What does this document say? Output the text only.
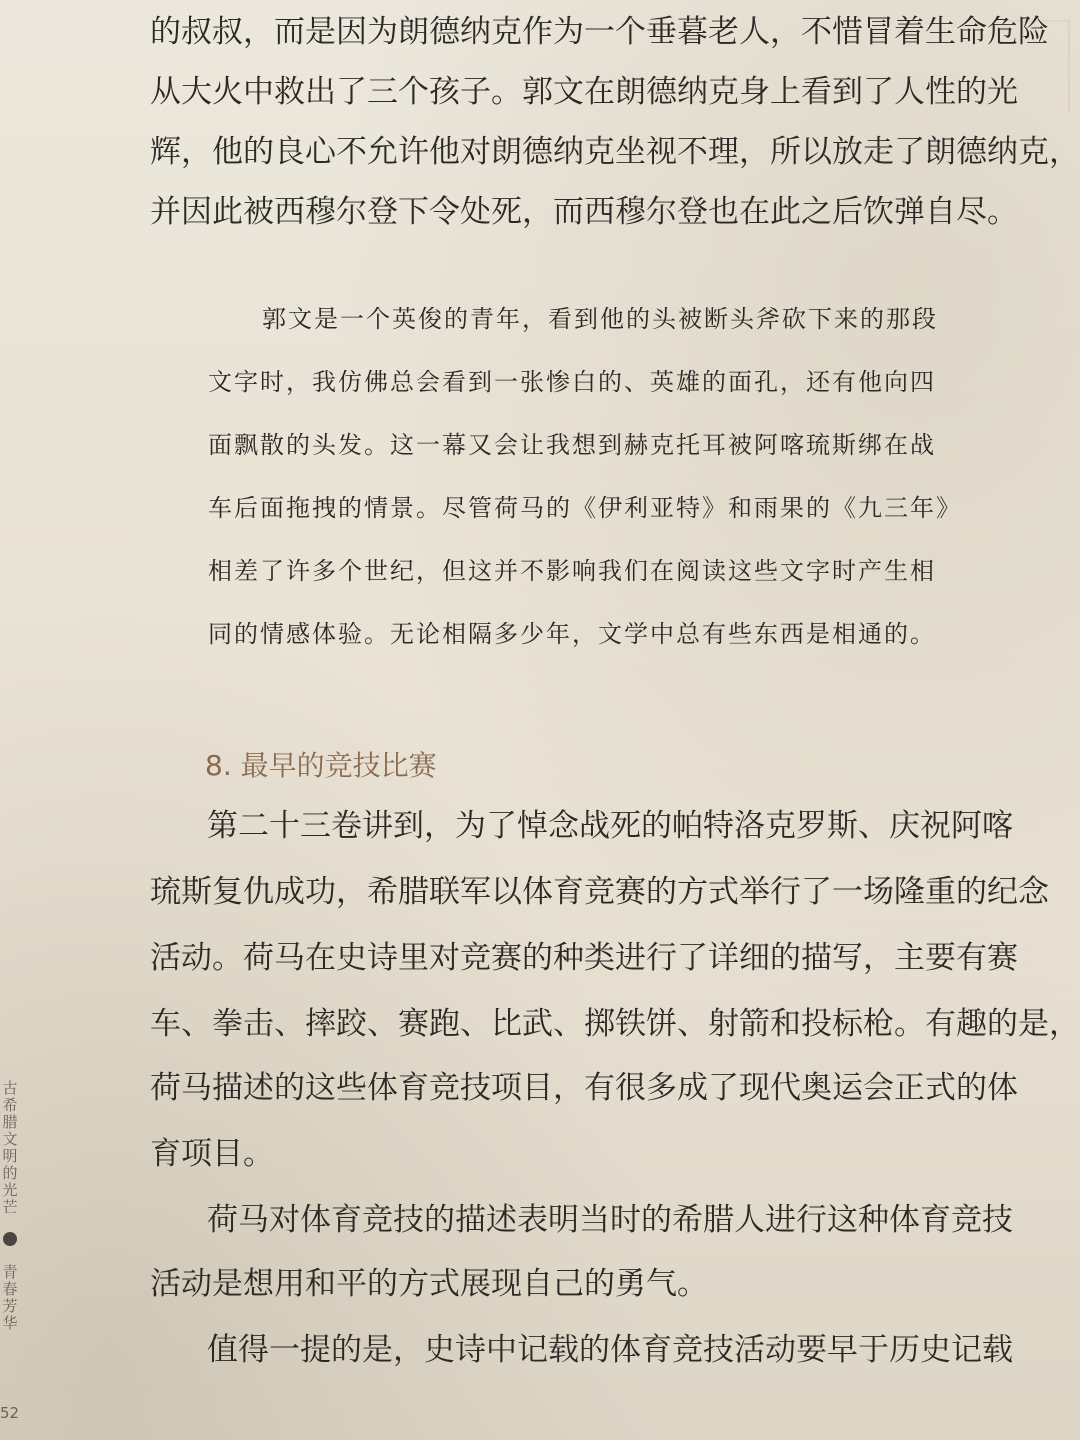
的叔叔，而是因为朗德纳克作为一个垂暮老人，不惜冒着生命危险
从大火中救出了三个孩子。郭文在朗德纳克身上看到了人性的光
辉，他的良心不允许他对朗德纳克坐视不理，所以放走了朗德纳克，
并因此被西穆尔登下令处死，而西穆尔登也在此之后饮弹自尽。
郭文是一个英俊的青年，看到他的头被断头斧砍下来的那段
文字时，我仿佛总会看到一张惨白的、英雄的面孔，还有他向四
面飘散的头发。这一幕又会让我想到赫克托耳被阿喀琉斯绑在战
车后面拖拽的情景。尽管荷马的《伊利亚特》和雨果的《九三年》
相差了许多个世纪，但这并不影响我们在阅读这些文字时产生相
同的情感体验。无论相隔多少年，文学中总有些东西是相通的。
8. 最早的竞技比赛
第二十三卷讲到，为了悼念战死的帕特洛克罗斯、庆祝阿喀
琉斯复仇成功，希腊联军以体育竞赛的方式举行了一场隆重的纪念
活动。荷马在史诗里对竞赛的种类进行了详细的描写，主要有赛
车、拳击、摔跤、赛跑、比武、掷铁饼、射箭和投标枪。有趣的是，
荷马描述的这些体育竞技项目，有很多成了现代奥运会正式的体
育项目。
荷马对体育竞技的描述表明当时的希腊人进行这种体育竞技
活动是想用和平的方式展现自己的勇气。
值得一提的是，史诗中记载的体育竞技活动要早于历史记载
古希腊文明的光芒
青春芳华
52
